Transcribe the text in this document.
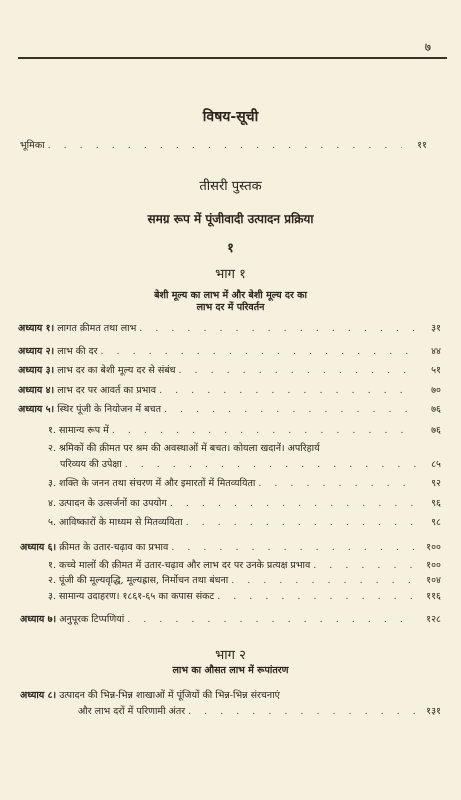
७
विषय-सूची
भूमिका . . .	११
तीसरी पुस्तक
समग्र रूप में पूंजीवादी उत्पादन प्रक्रिया
१
भाग १
बेशी मूल्य का लाभ में और बेशी मूल्य दर का
लाभ दर में परिवर्तन
अध्याय १। लागत क़ीमत तथा लाभ . . .	३१
अध्याय २। लाभ की दर . . .	४४
अध्याय ३। लाभ दर का बेशी मूल्य दर से संबंध . . .	५१
अध्याय ४। लाभ दर पर आवर्त का प्रभाव . . .	७०
अध्याय ५। स्थिर पूंजी के नियोजन में बचत . . .	७६
१. सामान्य रूप में . . .	७६
२. श्रमिकों की क़ीमत पर श्रम की अवस्थाओं में बचत। कोयला खदानें। अपरिहार्य
परिव्यय की उपेक्षा . . .	८५
३. शक्ति के जनन तथा संचरण में और इमारतों में मितव्ययिता . . .	९२
४. उत्पादन के उत्सर्जनों का उपयोग . . .	९६
५. आविष्कारों के माध्यम से मितव्ययिता . . .	९८
अध्याय ६। क़ीमत के उतार-चढ़ाव का प्रभाव . . .	१००
१. कच्चे मालों की क़ीमत में उतार-चढ़ाव और लाभ दर पर उनके प्रत्यक्ष प्रभाव . . .	१००
२. पूंजी की मूल्यवृद्धि, मूल्यह्रास, निर्मोचन तथा बंधना . . .	१०४
३. सामान्य उदाहरण। १८६१-६५ का कपास संकट . . .	११६
अध्याय ७। अनुपूरक टिप्पणियां . . .	१२८
भाग २
लाभ का औसत लाभ में रूपांतरण
अध्याय ८। उत्पादन की भिन्न-भिन्न शाखाओं में पूंजियों की भिन्न-भिन्न संरचनाएं
और लाभ दरों में परिणामी अंतर . . .	१३१
